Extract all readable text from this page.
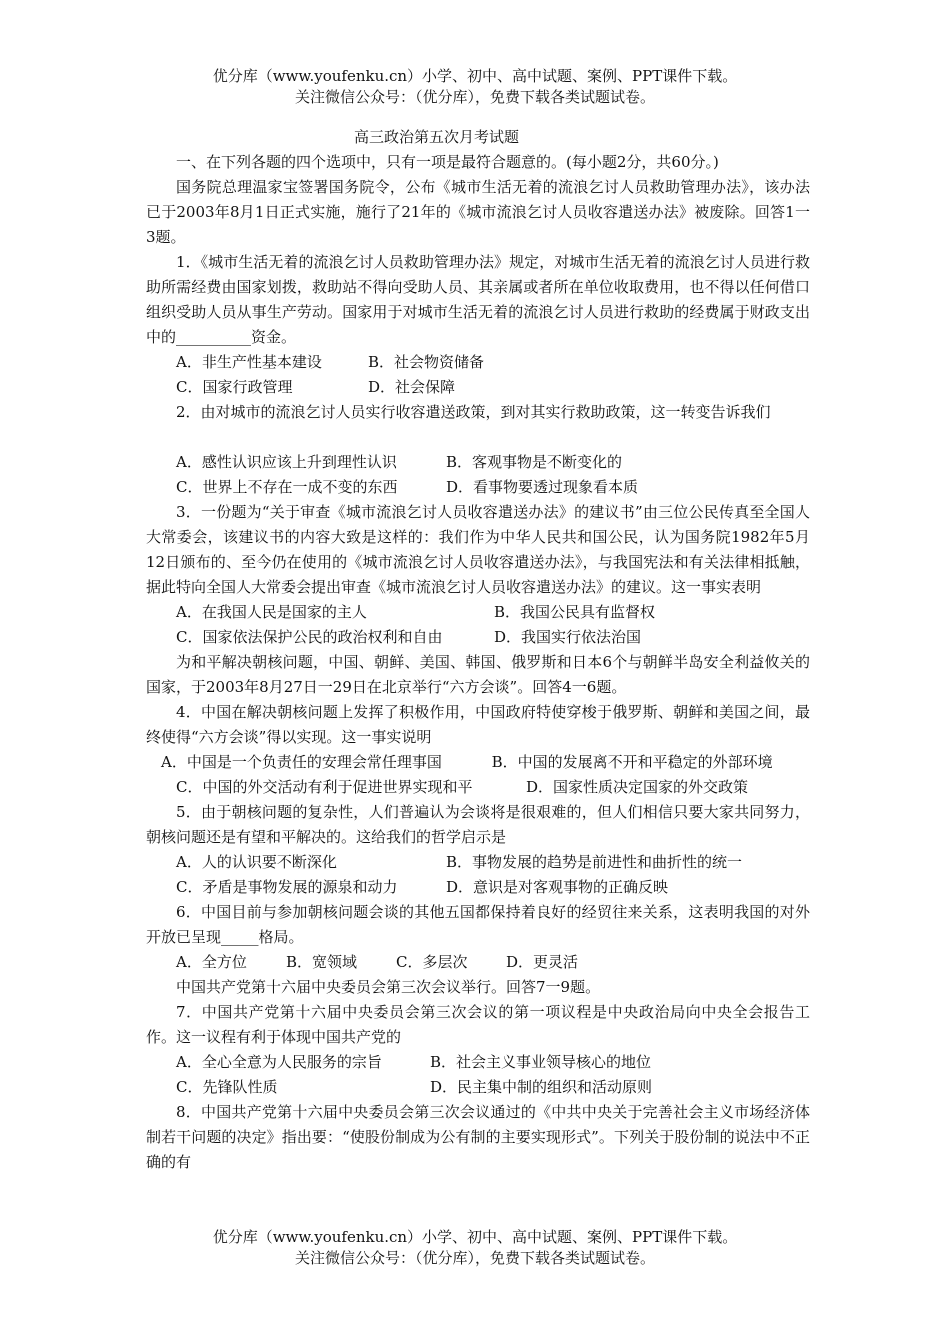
优分库（www.youfenku.cn）小学、初中、高中试题、案例、PPT课件下载。
关注微信公众号：（优分库），免费下载各类试题试卷。
高三政治第五次月考试题

一、在下列各题的四个选项中，只有一项是最符合题意的。(每小题2分，共60分。)

国务院总理温家宝签署国务院令，公布《城市生活无着的流浪乞讨人员救助管理办法》，该办法已于2003年8月1日正式实施，施行了21年的《城市流浪乞讨人员收容遣送办法》被废除。回答1一3题。

1．《城市生活无着的流浪乞讨人员救助管理办法》规定，对城市生活无着的流浪乞讨人员进行救助所需经费由国家划拨，救助站不得向受助人员、其亲属或者所在单位收取费用，也不得以任何借口组织受助人员从事生产劳动。国家用于对城市生活无着的流浪乞讨人员进行救助的经费属于财政支出中的__________资金。

A．非生产性基本建设	B．社会物资储备
C．国家行政管理	D．社会保障

2．由对城市的流浪乞讨人员实行收容遣送政策，到对其实行救助政策，这一转变告诉我们

A．感性认识应该上升到理性认识	B．客观事物是不断变化的
C．世界上不存在一成不变的东西	D．看事物要透过现象看本质

3．一份题为“关于审查《城市流浪乞讨人员收容遣送办法》的建议书”由三位公民传真至全国人大常委会，该建议书的内容大致是这样的：我们作为中华人民共和国公民，认为国务院1982年5月12日颁布的、至今仍在使用的《城市流浪乞讨人员收容遣送办法》，与我国宪法和有关法律相抵触，据此特向全国人大常委会提出审查《城市流浪乞讨人员收容遣送办法》的建议。这一事实表明

A．在我国人民是国家的主人	B．我国公民具有监督权
C．国家依法保护公民的政治权利和自由	D．我国实行依法治国

为和平解决朝核问题，中国、朝鲜、美国、韩国、俄罗斯和日本6个与朝鲜半岛安全利益攸关的国家，于2003年8月27日一29日在北京举行“六方会谈”。回答4一6题。

4．中国在解决朝核问题上发挥了积极作用，中国政府特使穿梭于俄罗斯、朝鲜和美国之间，最终使得“六方会谈”得以实现。这一事实说明

A．中国是一个负责任的安理会常任理事国 　　　B．中国的发展离不开和平稳定的外部环境

C．中国的外交活动有利于促进世界实现和平	D．国家性质决定国家的外交政策

5．由于朝核问题的复杂性，人们普遍认为会谈将是很艰难的，但人们相信只要大家共同努力，朝核问题还是有望和平解决的。这给我们的哲学启示是

A．人的认识要不断深化	B．事物发展的趋势是前进性和曲折性的统一
C．矛盾是事物发展的源泉和动力	D．意识是对客观事物的正确反映

6．中国目前与参加朝核问题会谈的其他五国都保持着良好的经贸往来关系，这表明我国的对外开放已呈现_____格局。

A．全方位	B．宽领域	C．多层次	D．更灵活

中国共产党第十六届中央委员会第三次会议举行。回答7一9题。

7．中国共产党第十六届中央委员会第三次会议的第一项议程是中央政治局向中央全会报告工作。这一议程有利于体现中国共产党的

A．全心全意为人民服务的宗旨	B．社会主义事业领导核心的地位
C．先锋队性质	D．民主集中制的组织和活动原则

8．中国共产党第十六届中央委员会第三次会议通过的《中共中央关于完善社会主义市场经济体制若干问题的决定》指出要：“使股份制成为公有制的主要实现形式”。下列关于股份制的说法中不正确的有

优分库（www.youfenku.cn）小学、初中、高中试题、案例、PPT课件下载。
关注微信公众号：（优分库），免费下载各类试题试卷。
